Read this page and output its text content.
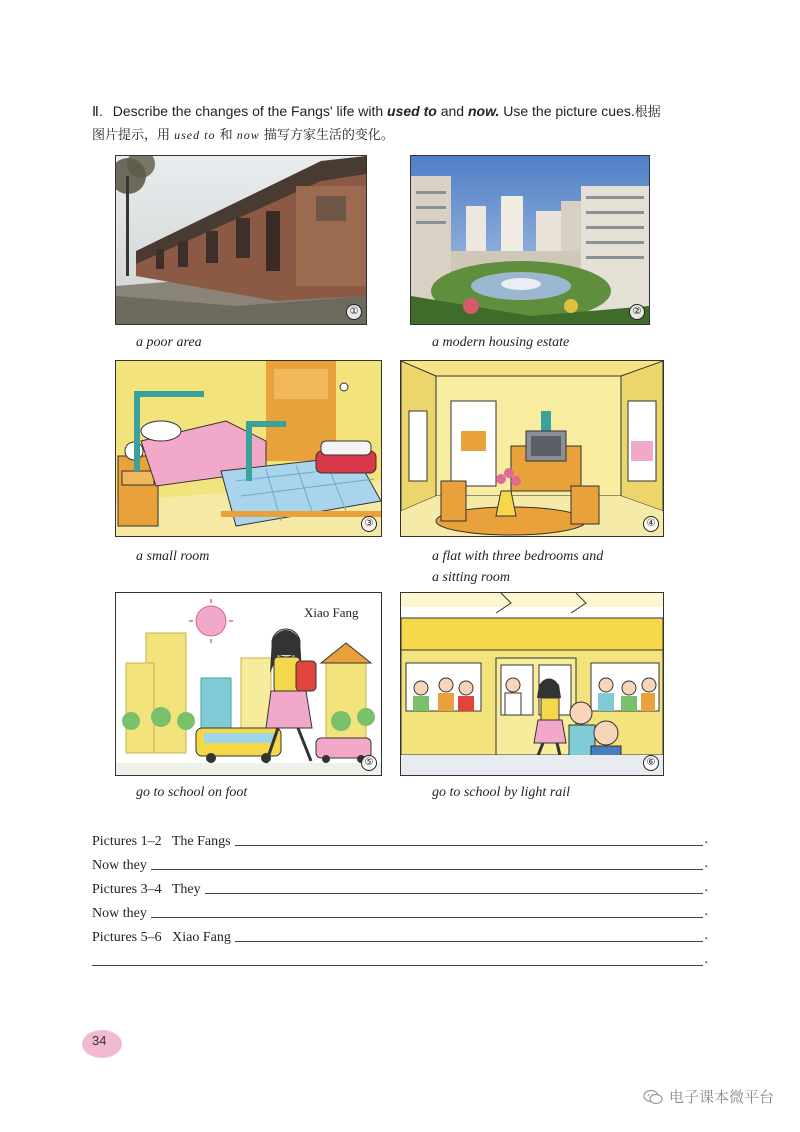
Ⅱ. Describe the changes of the Fangs' life with used to and now. Use the picture cues.根据
图片提示，用 used to 和 now 描写方家生活的变化。
①
a poor area
②
a modern housing estate
③
a small room
④
a flat with three bedrooms and
a sitting room
Xiao Fang
⑤
go to school on foot
⑥
go to school by light rail
Pictures 1–2   The Fangs	.
Now they	.
Pictures 3–4   They	.
Now they	.
Pictures 5–6   Xiao Fang	.
.
34
电子课本微平台
